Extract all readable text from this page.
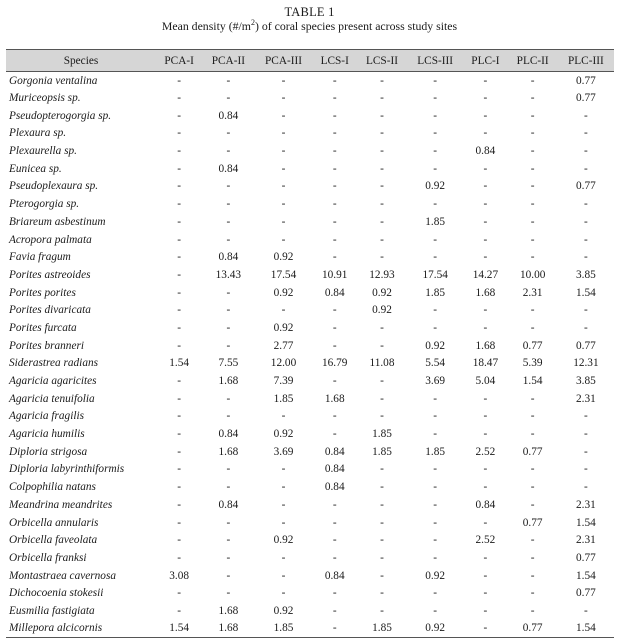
TABLE 1
Mean density $(\#/m^2)$ of coral species present across study sites
Species	PCA-I	PCA-II	PCA-III	LCS-I	LCS-II	LCS-III	PLC-I	PLC-II	PLC-III
Gorgonia ventalina	-	-	-	-	-	-	-	-	0.77
Muriceopsis sp.	-	-	-	-	-	-	-	-	0.77
Pseudopterogorgia sp.	-	0.84	-	-	-	-	-	-	-
Plexaura sp.	-	-	-	-	-	-	-	-	-
Plexaurella sp.	-	-	-	-	-	-	0.84	-	-
Eunicea sp.	-	0.84	-	-	-	-	-	-	-
Pseudoplexaura sp.	-	-	-	-	-	0.92	-	-	0.77
Pterogorgia sp.	-	-	-	-	-	-	-	-	-
Briareum asbestinum	-	-	-	-	-	1.85	-	-	-
Acropora palmata	-	-	-	-	-	-	-	-	-
Favia fragum	-	0.84	0.92	-	-	-	-	-	-
Porites astreoides	-	13.43	17.54	10.91	12.93	17.54	14.27	10.00	3.85
Porites porites	-	-	0.92	0.84	0.92	1.85	1.68	2.31	1.54
Porites divaricata	-	-	-	-	0.92	-	-	-	-
Porites furcata	-	-	0.92	-	-	-	-	-	-
Porites branneri	-	-	2.77	-	-	0.92	1.68	0.77	0.77
Siderastrea radians	1.54	7.55	12.00	16.79	11.08	5.54	18.47	5.39	12.31
Agaricia agaricites	-	1.68	7.39	-	-	3.69	5.04	1.54	3.85
Agaricia tenuifolia	-	-	1.85	1.68	-	-	-	-	2.31
Agaricia fragilis	-	-	-	-	-	-	-	-	-
Agaricia humilis	-	0.84	0.92	-	1.85	-	-	-	-
Diploria strigosa	-	1.68	3.69	0.84	1.85	1.85	2.52	0.77	-
Diploria labyrinthiformis	-	-	-	0.84	-	-	-	-	-
Colpophilia natans	-	-	-	0.84	-	-	-	-	-
Meandrina meandrites	-	0.84	-	-	-	-	0.84	-	2.31
Orbicella annularis	-	-	-	-	-	-	-	0.77	1.54
Orbicella faveolata	-	-	0.92	-	-	-	2.52	-	2.31
Orbicella franksi	-	-	-	-	-	-	-	-	0.77
Montastraea cavernosa	3.08	-	-	0.84	-	0.92	-	-	1.54
Dichocoenia stokesii	-	-	-	-	-	-	-	-	0.77
Eusmilia fastigiata	-	1.68	0.92	-	-	-	-	-	-
Millepora alcicornis	1.54	1.68	1.85	-	1.85	0.92	-	0.77	1.54
